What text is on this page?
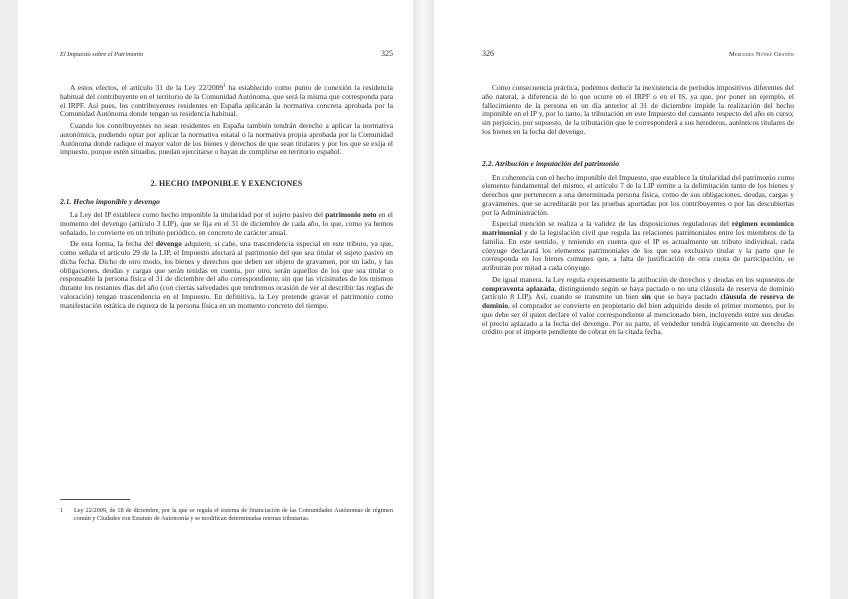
El Impuesto sobre el Patrimonio	325

A estos efectos, el artículo 31 de la Ley 22/2009$^1$ ha establecido como punto de conexión la residencia habitual del contribuyente en el territorio de la Comunidad Autónoma, que será la misma que corresponda para el IRPF. Así pues, los contribuyentes residentes en España aplicarán la normativa concreta aprobada por la Comunidad Autónoma donde tengan su residencia habitual.

Cuando los contribuyentes no sean residentes en España también tendrán derecho a aplicar la normativa autonómica, pudiendo optar por aplicar la normativa estatal o la normativa propia aprobada por la Comunidad Autónoma donde radique el mayor valor de los bienes y derechos de que sean titulares y por los que se exija el impuesto, porque estén situados, puedan ejercitarse o hayan de cumplirse en territorio español.

2. HECHO IMPONIBLE Y EXENCIONES
2.1. Hecho imponible y devengo

La Ley del IP establece como hecho imponible la titularidad por el sujeto pasivo del patrimonio neto en el momento del devengo (artículo 3 LIP), que se fija en el 31 de diciembre de cada año, lo que, como ya hemos señalado, lo convierte en un tributo periódico, en concreto de carácter anual.

De esta forma, la fecha del devengo adquiere, si cabe, una trascendencia especial en este tributo, ya que, como señala el artículo 29 de la LIP, el Impuesto afectará al patrimonio del que sea titular el sujeto pasivo en dicha fecha. Dicho de otro modo, los bienes y derechos que deben ser objeto de gravamen, por un lado, y las obligaciones, deudas y cargas que serán tenidas en cuenta, por otro, serán aquellos de los que sea titular o responsable la persona física el 31 de diciembre del año correspondiente, sin que las vicisitudes de los mismos durante los restantes días del año (con ciertas salvedades que tendremos ocasión de ver al describir las reglas de valoración) tengan trascendencia en el Impuesto. En definitiva, la Ley pretende gravar el patrimonio como manifestación estática de riqueza de la persona física en un momento concreto del tiempo.

1	Ley 22/2009, de 18 de diciembre, por la que se regula el sistema de financiación de las Comunidades Autónomas de régimen común y Ciudades con Estatuto de Autonomía y se modifican determinadas normas tributarias.
326	Mercedes Núñez Grañón

Como consecuencia práctica, podemos deducir la inexistencia de períodos impositivos diferentes del año natural, a diferencia de lo que ocurre en el IRPF o en el IS, ya que, por poner un ejemplo, el fallecimiento de la persona en un día anterior al 31 de diciembre impide la realización del hecho imponible en el IP y, por lo tanto, la tributación en este Impuesto del causante respecto del año en curso; sin perjuicio, por supuesto, de la tributación que le corresponderá a sus herederos, auténticos titulares de los bienes en la fecha del devengo.

2.2. Atribución e imputación del patrimonio

En coherencia con el hecho imponible del Impuesto, que establece la titularidad del patrimonio como elemento fundamental del mismo, el artículo 7 de la LIP remite a la delimitación tanto de los bienes y derechos que pertenecen a una determinada persona física, como de sus obligaciones, deudas, cargas y gravámenes, que se acreditarán por las pruebas aportadas por los contribuyentes o por las descubiertas por la Administración.

Especial mención se realiza a la validez de las disposiciones reguladoras del régimen económico matrimonial y de la legislación civil que regula las relaciones patrimoniales entre los miembros de la familia. En este sentido, y teniendo en cuenta que el IP es actualmente un tributo individual, cada cónyuge declarará los elementos patrimoniales de los que sea exclusivo titular y la parte que le corresponda en los bienes comunes que, a falta de justificación de otra cuota de participación, se atribuirán por mitad a cada cónyuge.

De igual manera, la Ley regula expresamente la atribución de derechos y deudas en los supuestos de compraventa aplazada, distinguiendo según se haya pactado o no una cláusula de reserva de dominio (artículo 8 LIP). Así, cuando se transmite un bien sin que se haya pactado cláusula de reserva de dominio, el comprador se convierte en propietario del bien adquirido desde el primer momento, por lo que debe ser él quien declare el valor correspondiente al mencionado bien, incluyendo entre sus deudas el precio aplazado a la fecha del devengo. Por su parte, el vendedor tendrá lógicamente un derecho de crédito por el importe pendiente de cobrar en la citada fecha.
